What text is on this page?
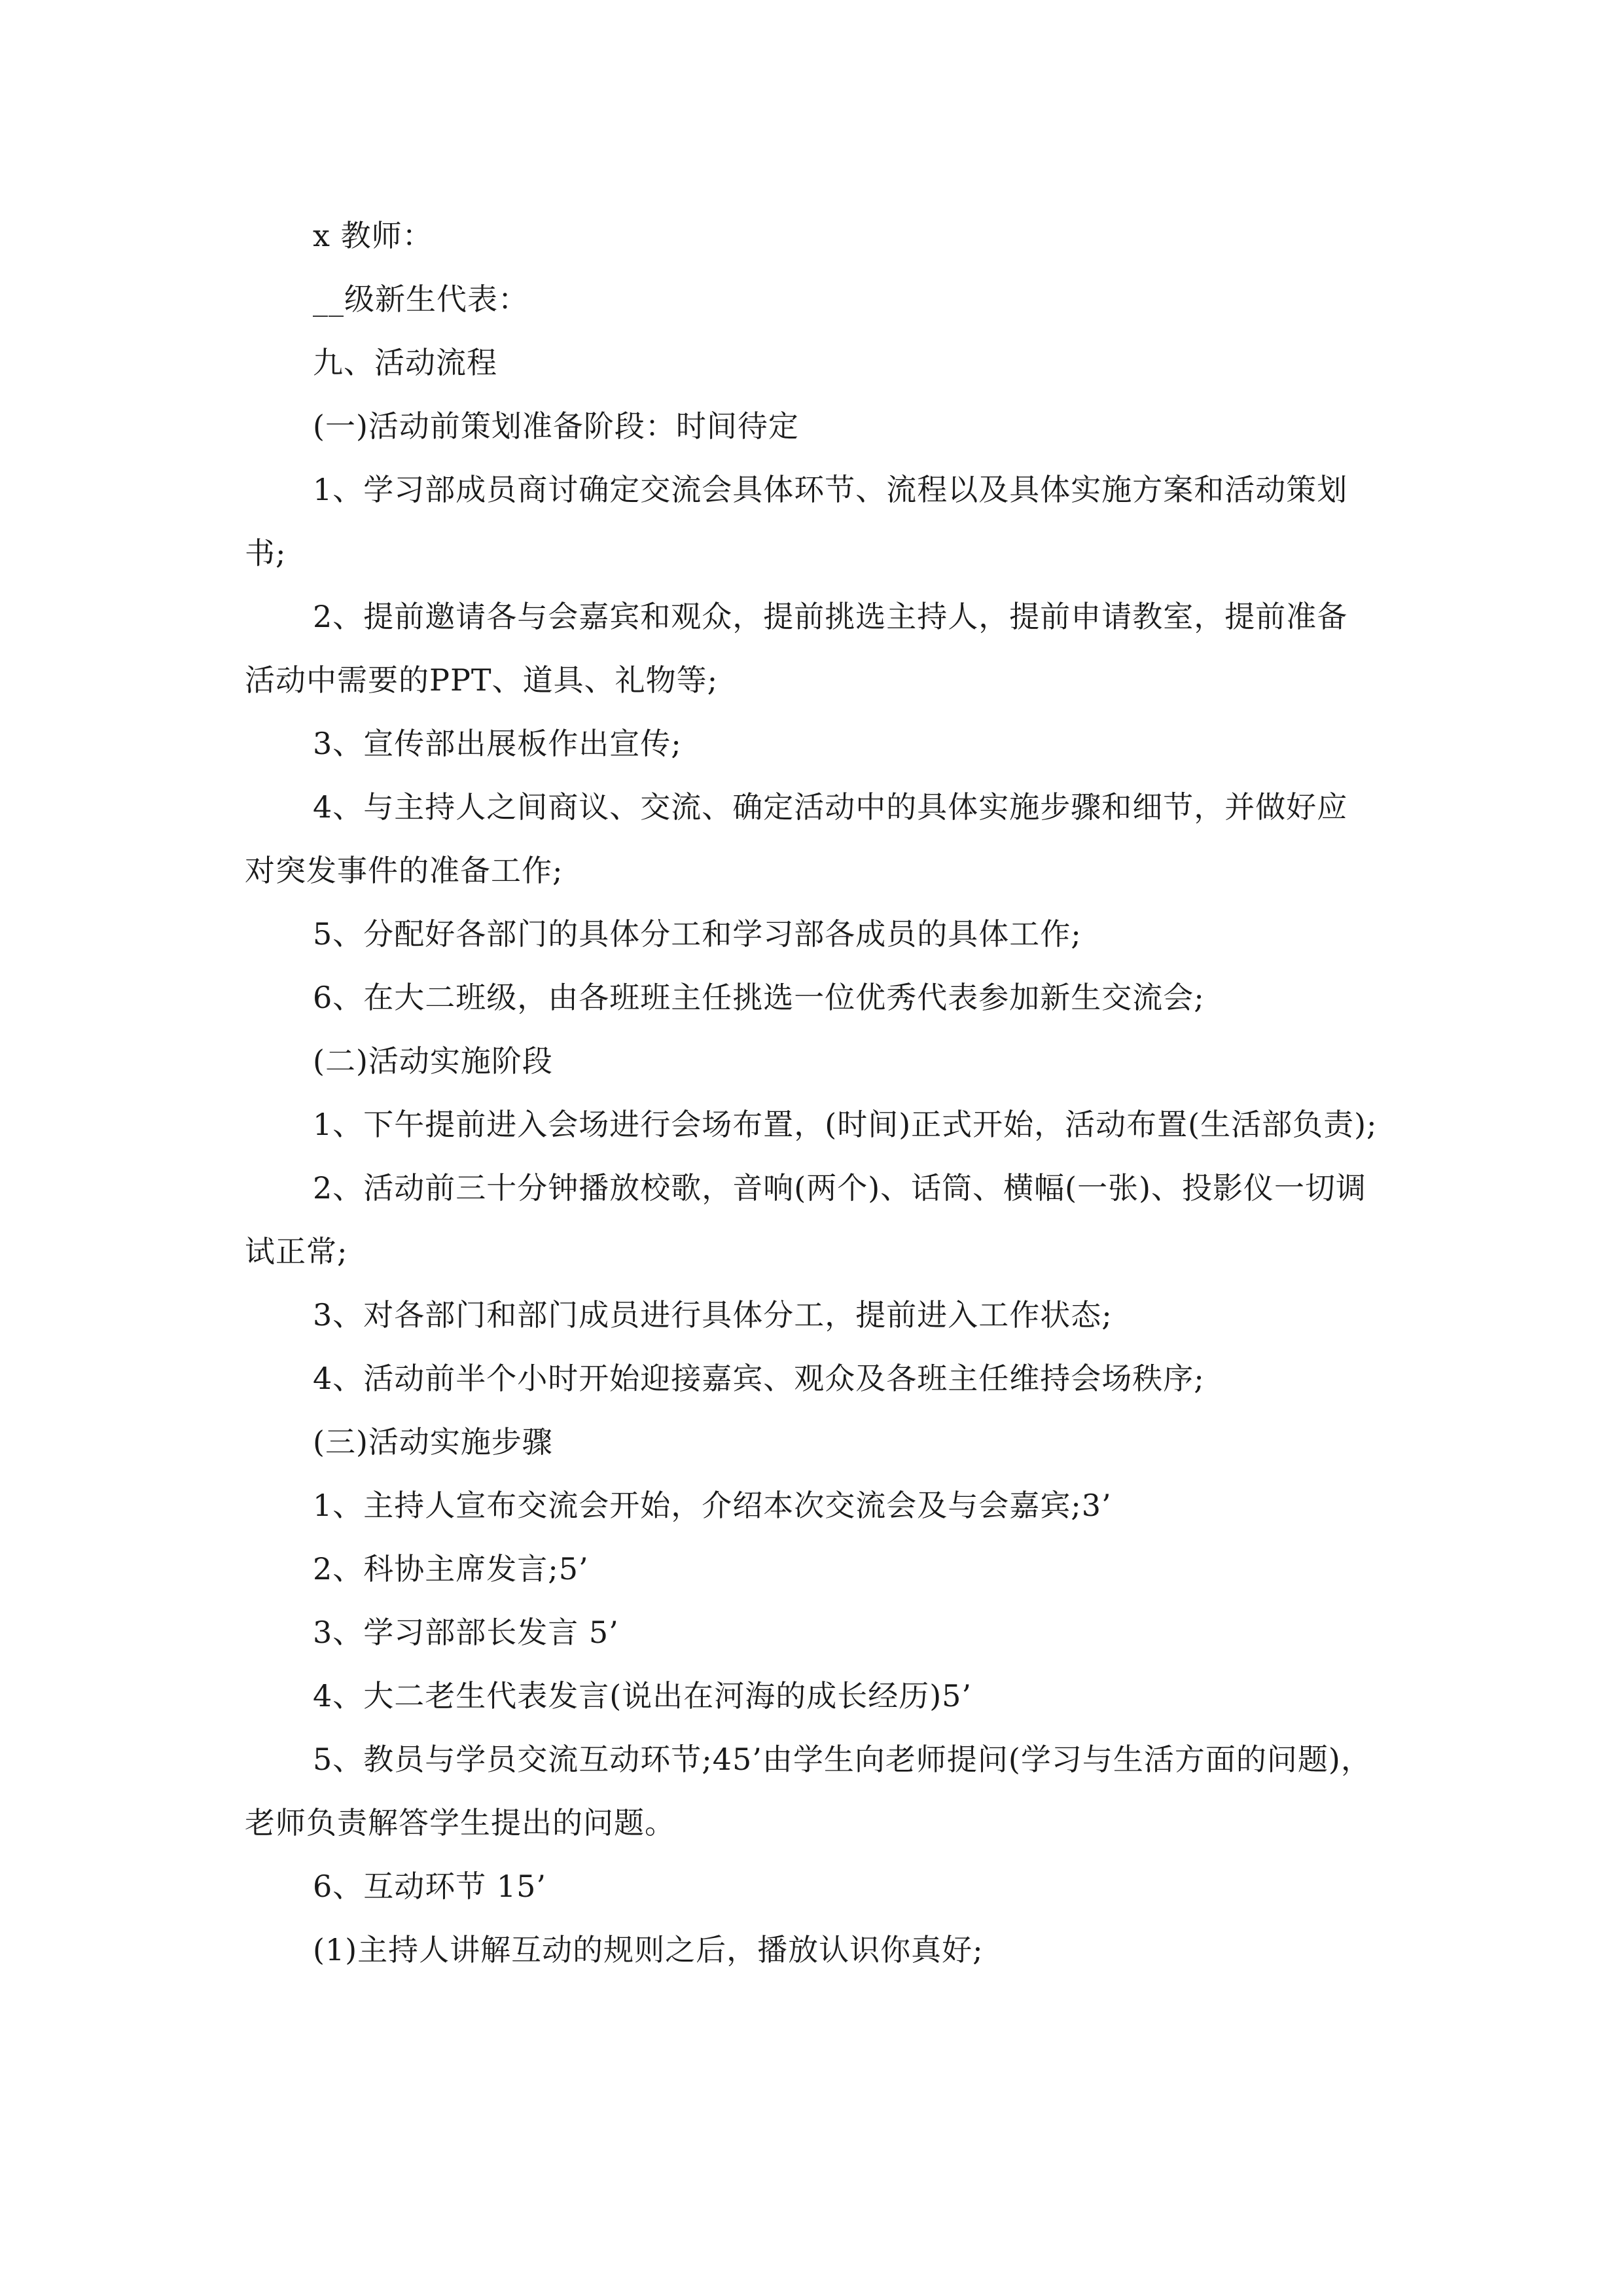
x 教师：

__级新生代表：

九、活动流程

(一)活动前策划准备阶段：时间待定

1、学习部成员商讨确定交流会具体环节、流程以及具体实施方案和活动策划书;

2、提前邀请各与会嘉宾和观众，提前挑选主持人，提前申请教室，提前准备活动中需要的PPT、道具、礼物等;

3、宣传部出展板作出宣传;

4、与主持人之间商议、交流、确定活动中的具体实施步骤和细节，并做好应对突发事件的准备工作;

5、分配好各部门的具体分工和学习部各成员的具体工作;

6、在大二班级，由各班班主任挑选一位优秀代表参加新生交流会;

(二)活动实施阶段

1、下午提前进入会场进行会场布置，(时间)正式开始，活动布置(生活部负责);

2、活动前三十分钟播放校歌，音响(两个)、话筒、横幅(一张)、投影仪一切调试正常;

3、对各部门和部门成员进行具体分工，提前进入工作状态;

4、活动前半个小时开始迎接嘉宾、观众及各班主任维持会场秩序;

(三)活动实施步骤

1、主持人宣布交流会开始，介绍本次交流会及与会嘉宾;3’

2、科协主席发言;5’

3、学习部部长发言 5’

4、大二老生代表发言(说出在河海的成长经历)5’

5、教员与学员交流互动环节;45’由学生向老师提问(学习与生活方面的问题)，老师负责解答学生提出的问题。

6、互动环节 15’

(1)主持人讲解互动的规则之后，播放认识你真好;
